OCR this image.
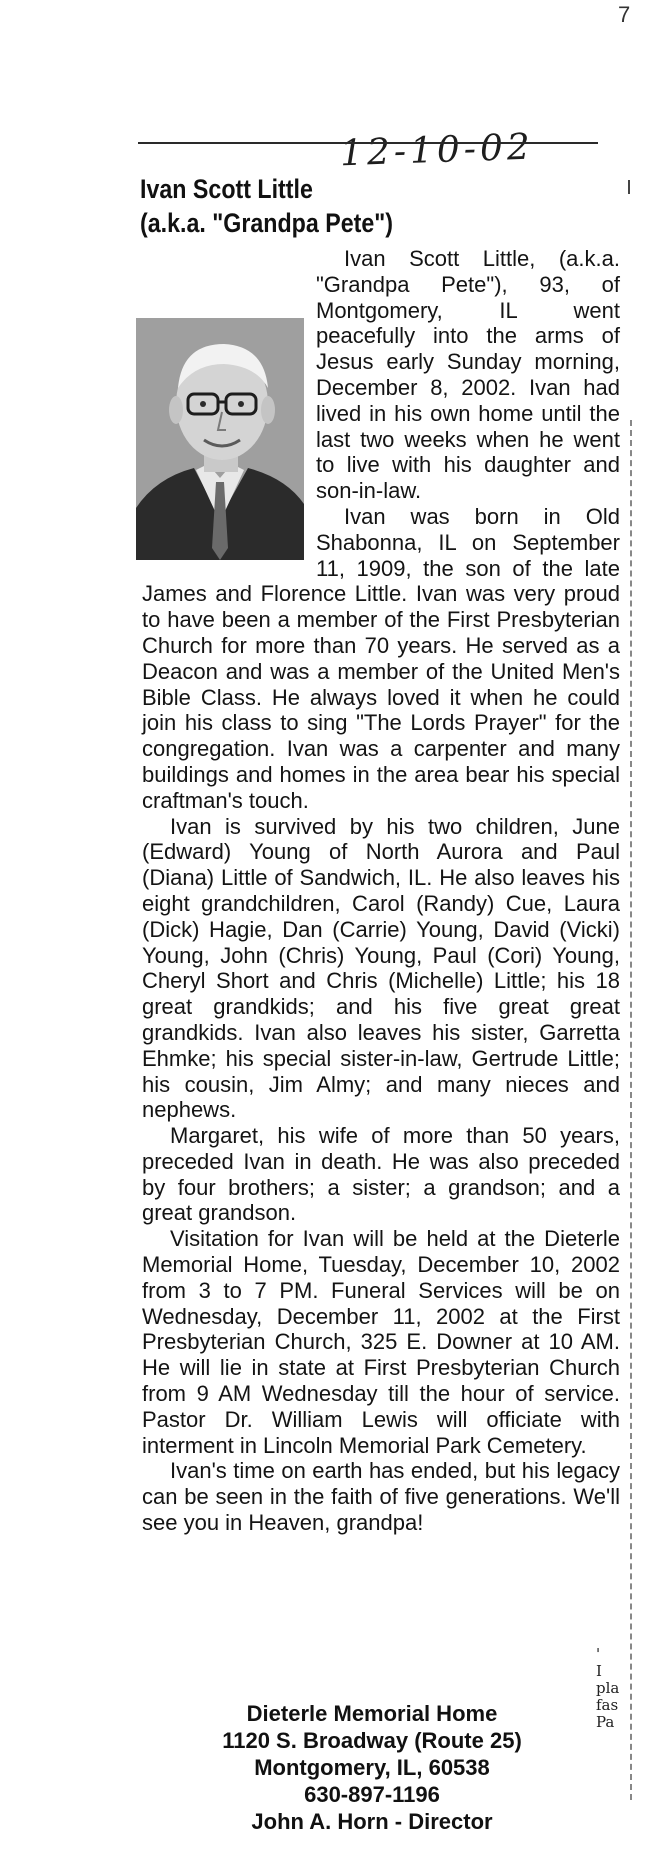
7
12-10-02
Ivan Scott Little
(a.k.a. "Grandpa Pete")

Ivan Scott Little, (a.k.a. "Grandpa Pete"), 93, of Montgomery, IL went peacefully into the arms of Jesus early Sunday morning, December 8, 2002. Ivan had lived in his own home until the last two weeks when he went to live with his daughter and son-in-law.

Ivan was born in Old Shabonna, IL on September 11, 1909, the son of the late James and Florence Little. Ivan was very proud to have been a member of the First Presbyterian Church for more than 70 years. He served as a Deacon and was a member of the United Men's Bible Class. He always loved it when he could join his class to sing "The Lords Prayer" for the congregation. Ivan was a carpenter and many buildings and homes in the area bear his special craftman's touch.

Ivan is survived by his two children, June (Edward) Young of North Aurora and Paul (Diana) Little of Sandwich, IL. He also leaves his eight grandchildren, Carol (Randy) Cue, Laura (Dick) Hagie, Dan (Carrie) Young, David (Vicki) Young, John (Chris) Young, Paul (Cori) Young, Cheryl Short and Chris (Michelle) Little; his 18 great grandkids; and his five great great grandkids. Ivan also leaves his sister, Garretta Ehmke; his special sister-in-law, Gertrude Little; his cousin, Jim Almy; and many nieces and nephews.

Margaret, his wife of more than 50 years, preceded Ivan in death. He was also preceded by four brothers; a sister; a grandson; and a great grandson.

Visitation for Ivan will be held at the Dieterle Memorial Home, Tuesday, December 10, 2002 from 3 to 7 PM. Funeral Services will be on Wednesday, December 11, 2002 at the First Presbyterian Church, 325 E. Downer at 10 AM. He will lie in state at First Presbyterian Church from 9 AM Wednesday till the hour of service. Pastor Dr. William Lewis will officiate with interment in Lincoln Memorial Park Cemetery.

Ivan's time on earth has ended, but his legacy can be seen in the faith of five generations. We'll see you in Heaven, grandpa!

Dieterle Memorial Home
1120 S. Broadway (Route 25)
Montgomery, IL, 60538
630-897-1196
John A. Horn - Director
'
I
pla
fas
Pa
